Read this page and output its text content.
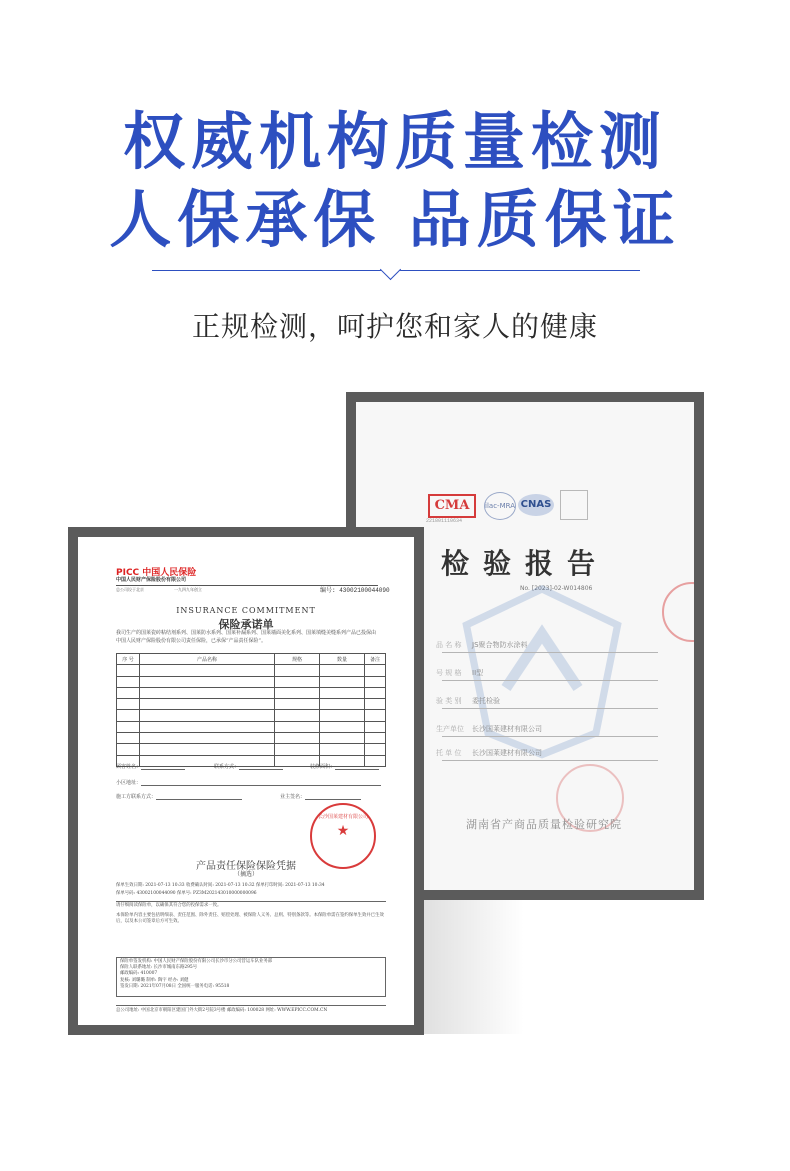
权威机构质量检测
人保承保 品质保证
正规检测，呵护您和家人的健康
CMA	ilac-MRA CNAS
221801110634
检验报告
No. [2023]-02-W014806
品 名 称 JS聚合物防水涂料
号 规 格 II型
验 类 别 委托检验
生产单位 长沙国莱建材有限公司
托 单 位 长沙国莱建材有限公司
湖南省产商品质量检验研究院
PICC 中国人民保险
中国人民财产保险股份有限公司
总公司设于北京	一九四九年创立	编号: 43002100044090
INSURANCE COMMITMENT
保险承诺单
我司生产的国莱瓷砖粘结剂系列、国莱防水系列、国莱补漏系列、国莱墙面美化系列、国莱填缝美缝系列产品已投保由中国人民财产保险股份有限公司责任保险，已承保“产品责任保险”。
序 号	产品名称	规格	数量	备注

顾客姓名：	联系方式：	装修面积：
小区地址：
施工方联系方式：	业主签名：
长沙国莱建材有限公司
★
产品责任保险保险凭据
（摘选）
保单生效日期: 2021-07-13 10:33 收费确认时间: 2021-07-13 10:32 保单打印时间: 2021-07-13 10:34
保单号码: 43002100044090 保单号: PZ3M202143010000000096
请仔细阅读保险单，以确保其符合您的投保需求一致。
本保险单内容主要包括明细表、责任范围、除外责任、赔偿处理、被保险人义务、总则、特别条款等。本保险单需在签约保单生效并已生效后，以及本公司签章后方可生效。
保险单签发机构: 中国人民财产保险股份有限公司长沙市分公司营运车队业务部
保险人联系地址: 长沙市城南东路295号
邮政编码: 410007
复核: 刘璐璐 制单: 陶宇 经办: 刘健
签发日期: 2021年07月08日 全国统一服务电话: 95518
总公司地址: 中国北京市朝阳区建国门外大街2号院3号楼 邮政编码: 100028 网址: WWW.EPICC.COM.CN
